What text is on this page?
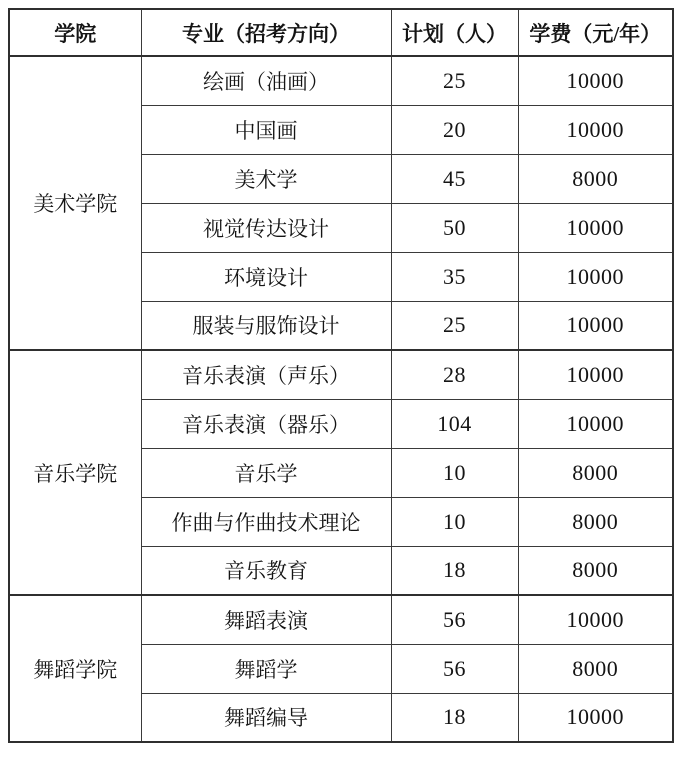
学院	专业（招考方向）	计划（人）	学费（元/年）
美术学院	绘画（油画）	25	10000
	中国画	20	10000
	美术学	45	8000
	视觉传达设计	50	10000
	环境设计	35	10000
	服装与服饰设计	25	10000
音乐学院	音乐表演（声乐）	28	10000
	音乐表演（器乐）	104	10000
	音乐学	10	8000
	作曲与作曲技术理论	10	8000
	音乐教育	18	8000
舞蹈学院	舞蹈表演	56	10000
	舞蹈学	56	8000
	舞蹈编导	18	10000
